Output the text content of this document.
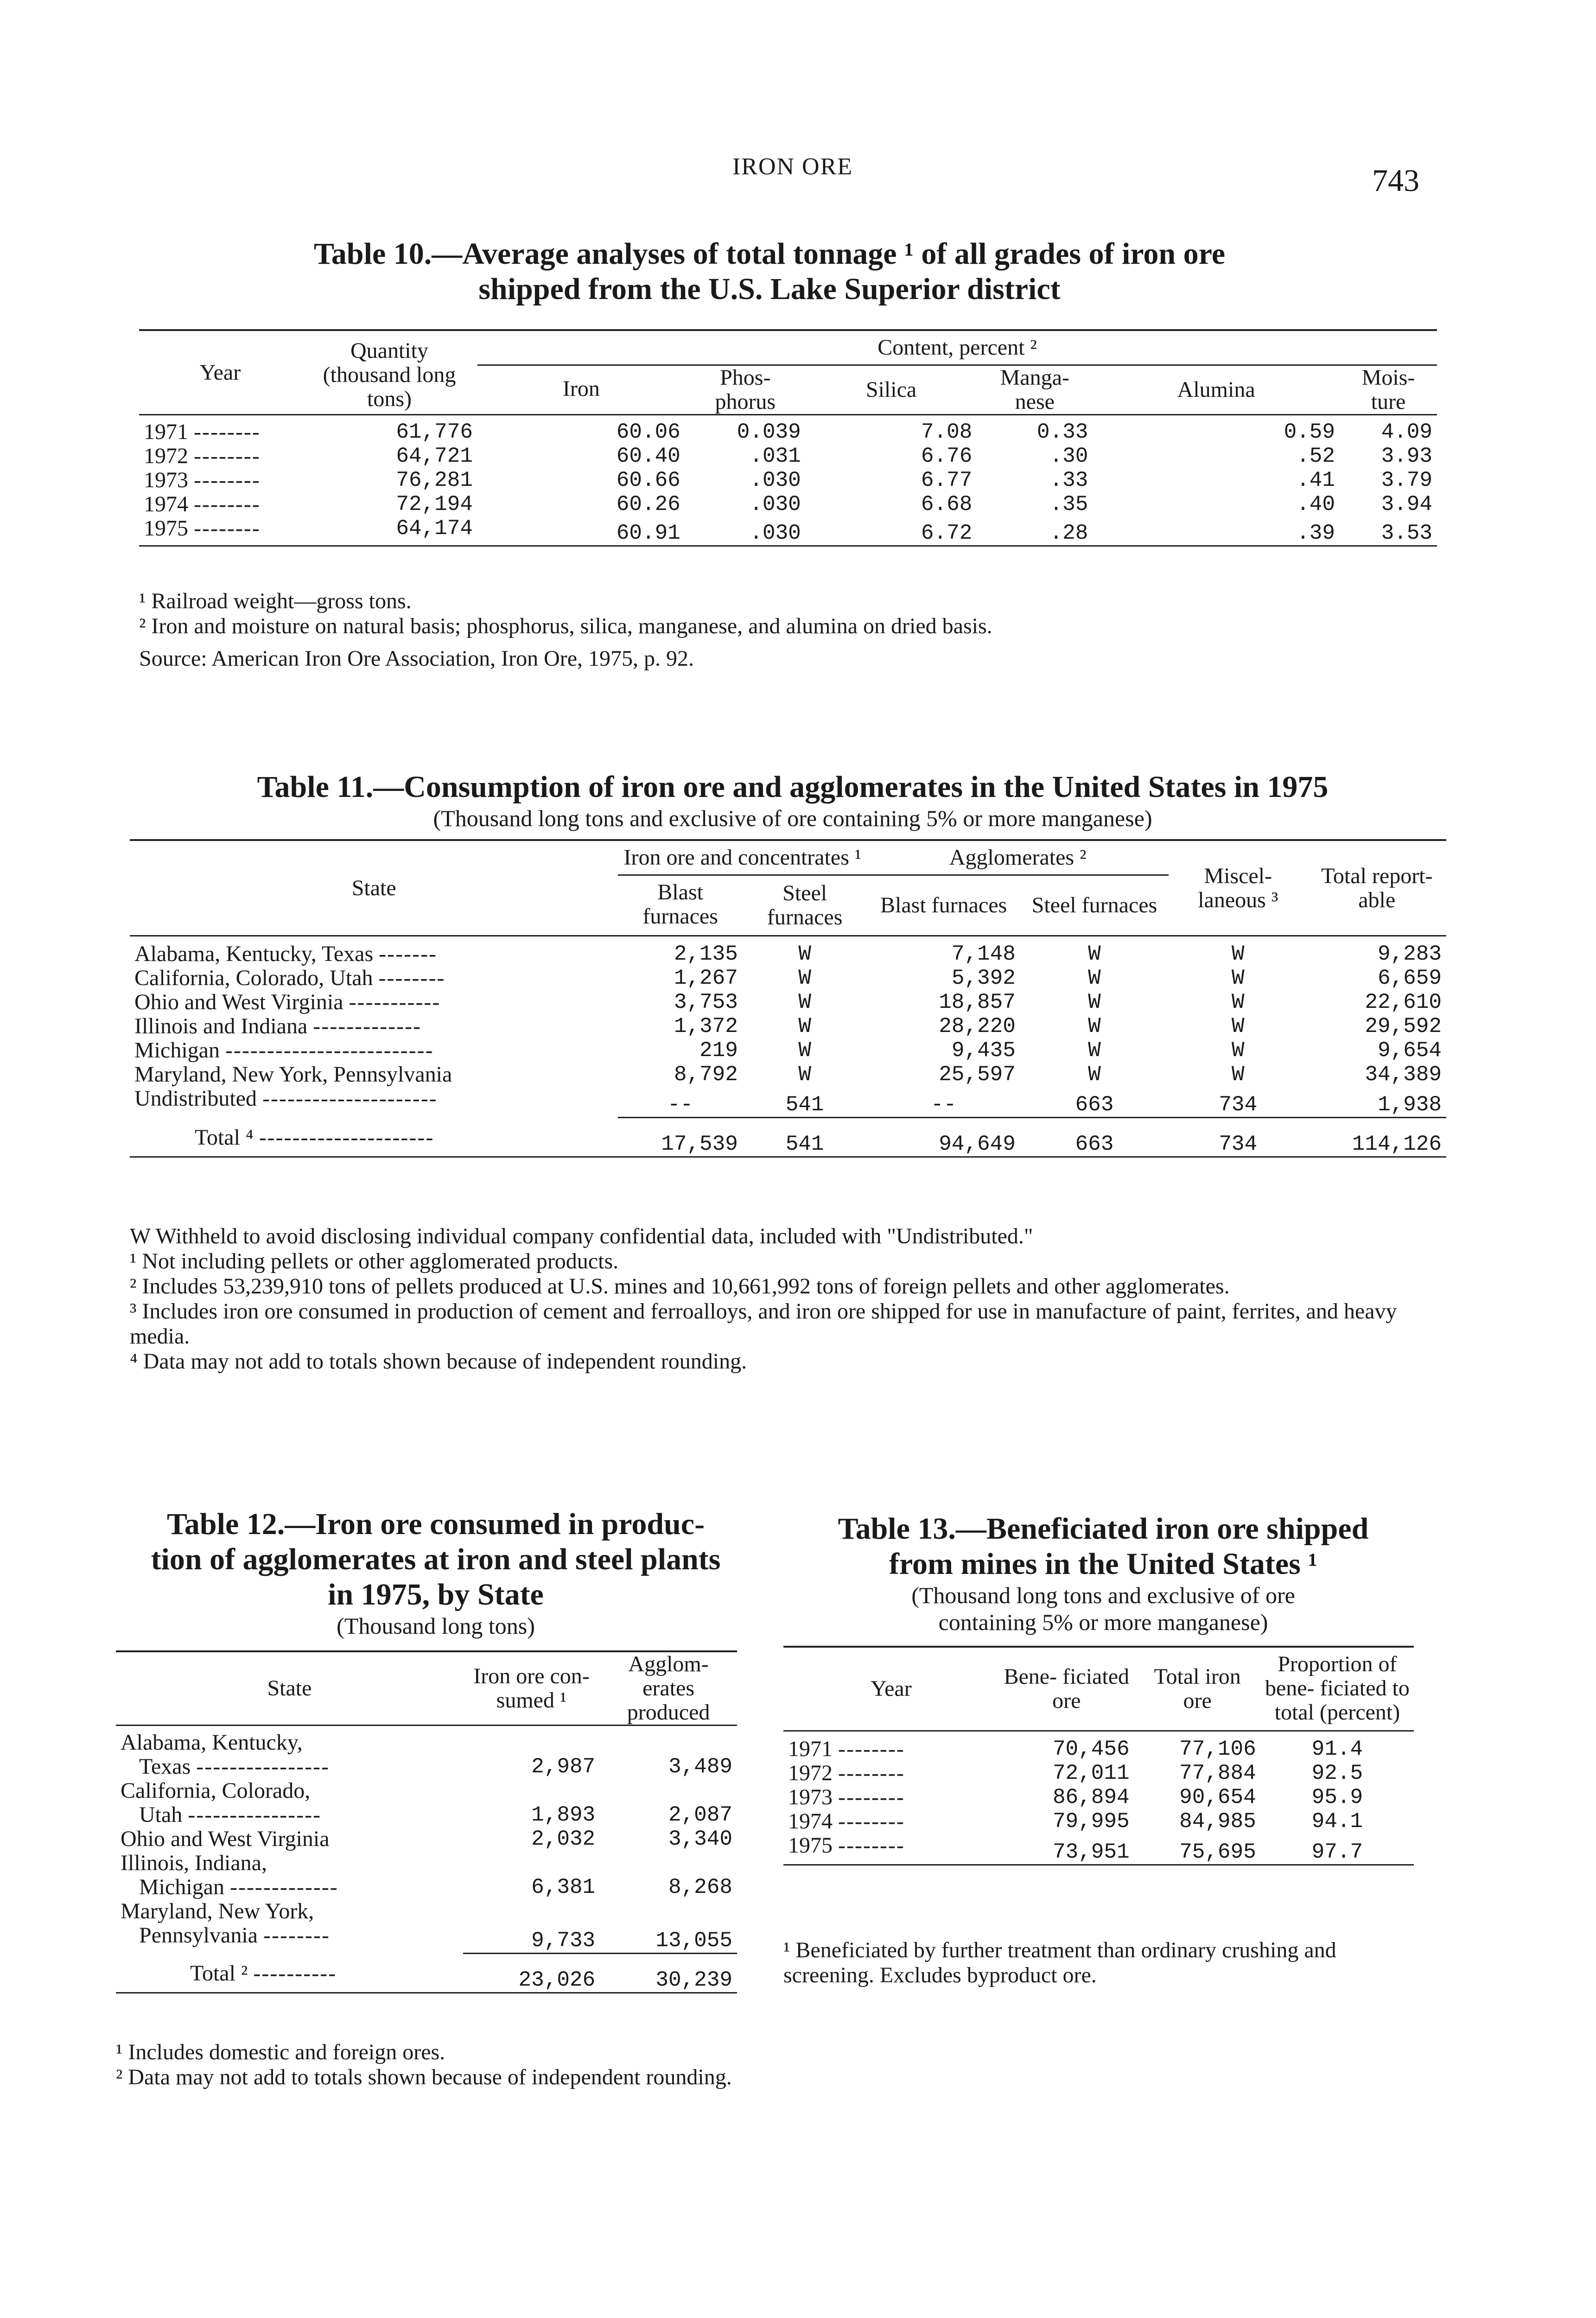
IRON ORE	743
Table 10.—Average analyses of total tonnage ¹ of all grades of iron ore
shipped from the U.S. Lake Superior district
Year	Quantity (thousand long tons)	Content, percent ²					
		Iron	Phos- phorus	Silica	Manga- nese	Alumina	Mois- ture
1971 --------	61,776	60.06	0.039	7.08	0.33	0.59	4.09
1972 --------	64,721	60.40	.031	6.76	.30	.52	3.93
1973 --------	76,281	60.66	.030	6.77	.33	.41	3.79
1974 --------	72,194	60.26	.030	6.68	.35	.40	3.94
1975 --------	64,174	60.91	.030	6.72	.28	.39	3.53

¹ Railroad weight—gross tons.

² Iron and moisture on natural basis; phosphorus, silica, manganese, and alumina on dried basis.

Source: American Iron Ore Association, Iron Ore, 1975, p. 92.

Table 11.—Consumption of iron ore and agglomerates in the United States in 1975
(Thousand long tons and exclusive of ore containing 5% or more manganese)
State	Iron ore and concentrates ¹		Agglomerates ²		Miscel- laneous ³	Total report- able
	Blast furnaces	Steel furnaces	Blast furnaces	Steel furnaces		
Alabama, Kentucky, Texas -------	2,135	W	7,148	W	W	9,283
California, Colorado, Utah --------	1,267	W	5,392	W	W	6,659
Ohio and West Virginia -----------	3,753	W	18,857	W	W	22,610
Illinois and Indiana -------------	1,372	W	28,220	W	W	29,592
Michigan -------------------------	219	W	9,435	W	W	9,654
Maryland, New York, Pennsylvania	8,792	W	25,597	W	W	34,389
Undistributed ---------------------	--	541	--	663	734	1,938
Total ⁴ ---------------------	17,539	541	94,649	663	734	114,126

W Withheld to avoid disclosing individual company confidential data, included with "Undistributed."

¹ Not including pellets or other agglomerated products.

² Includes 53,239,910 tons of pellets produced at U.S. mines and 10,661,992 tons of foreign pellets and other agglomerates.

³ Includes iron ore consumed in production of cement and ferroalloys, and iron ore shipped for use in manufacture of paint, ferrites, and heavy media.

⁴ Data may not add to totals shown because of independent rounding.

Table 12.—Iron ore consumed in produc-
tion of agglomerates at iron and steel plants
in 1975, by State
(Thousand long tons)
State	Iron ore con- sumed ¹	Agglom- erates produced
Alabama, Kentucky,
Texas ----------------	2,987	3,489
California, Colorado,
Utah ----------------	1,893	2,087
Ohio and West Virginia	2,032	3,340
Illinois, Indiana,
Michigan -------------	6,381	8,268
Maryland, New York,
Pennsylvania --------	9,733	13,055
Total ² ----------	23,026	30,239

¹ Includes domestic and foreign ores.

² Data may not add to totals shown because of independent rounding.

Table 13.—Beneficiated iron ore shipped
from mines in the United States ¹
(Thousand long tons and exclusive of ore
containing 5% or more manganese)
Year	Bene- ficiated ore	Total iron ore	Proportion of bene- ficiated to total (percent)
1971 --------	70,456	77,106	91.4
1972 --------	72,011	77,884	92.5
1973 --------	86,894	90,654	95.9
1974 --------	79,995	84,985	94.1
1975 --------	73,951	75,695	97.7

¹ Beneficiated by further treatment than ordinary crushing and screening. Excludes byproduct ore.
